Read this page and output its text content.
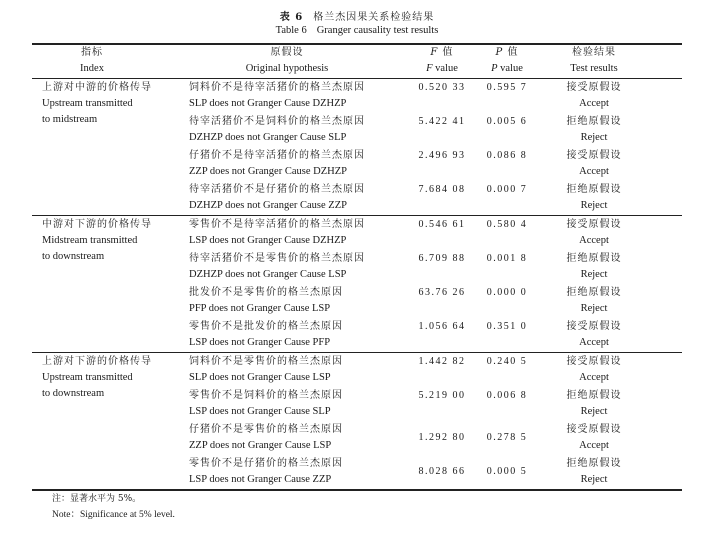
表 6 格兰杰因果关系检验结果
Table 6 Granger causality test results
指标
Index
原假设
Original hypothesis
F 值
F value
P 值
P value
检验结果
Test results
上游对中游的价格传导
Upstream transmitted
to midstream
饲料价不是待宰活猪价的格兰杰原因
SLP does not Granger Cause DZHZP
0.520 33	0.595 7	接受原假设
Accept
待宰活猪价不是饲料价的格兰杰原因
DZHZP does not Granger Cause SLP
5.422 41	0.005 6	拒绝原假设
Reject
仔猪价不是待宰活猪价的格兰杰原因
ZZP does not Granger Cause DZHZP
2.496 93	0.086 8	接受原假设
Accept
待宰活猪价不是仔猪价的格兰杰原因
DZHZP does not Granger Cause ZZP
7.684 08	0.000 7	拒绝原假设
Reject
中游对下游的价格传导
Midstream transmitted
to downstream
零售价不是待宰活猪价的格兰杰原因
LSP does not Granger Cause DZHZP
0.546 61	0.580 4	接受原假设
Accept
待宰活猪价不是零售价的格兰杰原因
DZHZP does not Granger Cause LSP
6.709 88	0.001 8	拒绝原假设
Reject
批发价不是零售价的格兰杰原因
PFP does not Granger Cause LSP
63.76 26	0.000 0	拒绝原假设
Reject
零售价不是批发价的格兰杰原因
LSP does not Granger Cause PFP
1.056 64	0.351 0	接受原假设
Accept
上游对下游的价格传导
Upstream transmitted
to downstream
饲料价不是零售价的格兰杰原因
SLP does not Granger Cause LSP
1.442 82	0.240 5	接受原假设
Accept
零售价不是饲料价的格兰杰原因
LSP does not Granger Cause SLP
5.219 00	0.006 8	拒绝原假设
Reject
仔猪价不是零售价的格兰杰原因
ZZP does not Granger Cause LSP
1.292 80	0.278 5
接受原假设
Accept
零售价不是仔猪价的格兰杰原因
LSP does not Granger Cause ZZP
8.028 66	0.000 5
拒绝原假设
Reject
注：显著水平为 5%。
Note：Significance at 5% level.
